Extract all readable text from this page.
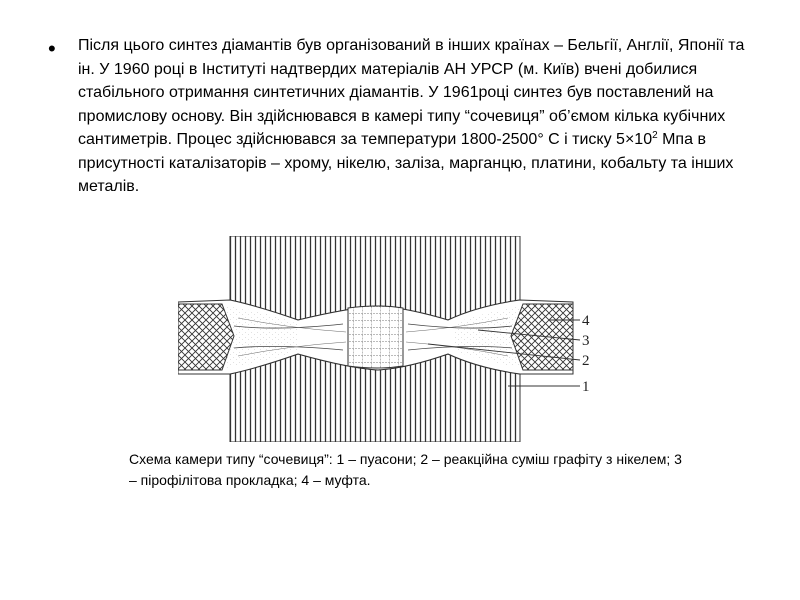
• Після цього синтез діамантів був організований в інших країнах – Бельгії, Англії, Японії та ін. У 1960 році в Інституті надтвердих матеріалів АН УРСР (м. Київ) вчені добилися стабільного отримання синтетичних діамантів. У 1961році синтез був поставлений на промислову основу. Він здійснювався в камері типу “сочевиця” об’ємом кілька кубічних сантиметрів. Процес здійснювався за температури 1800-2500° С і тиску $5\times 10^2$ Мпа в присутності каталізаторів – хрому, нікелю, заліза, марганцю, платини, кобальту та інших металів.
4
3
2
1
Схема камери типу “сочевиця”: 1 – пуасони; 2 – реакційна суміш графіту з нікелем; 3 – пірофілітова прокладка; 4 – муфта.
